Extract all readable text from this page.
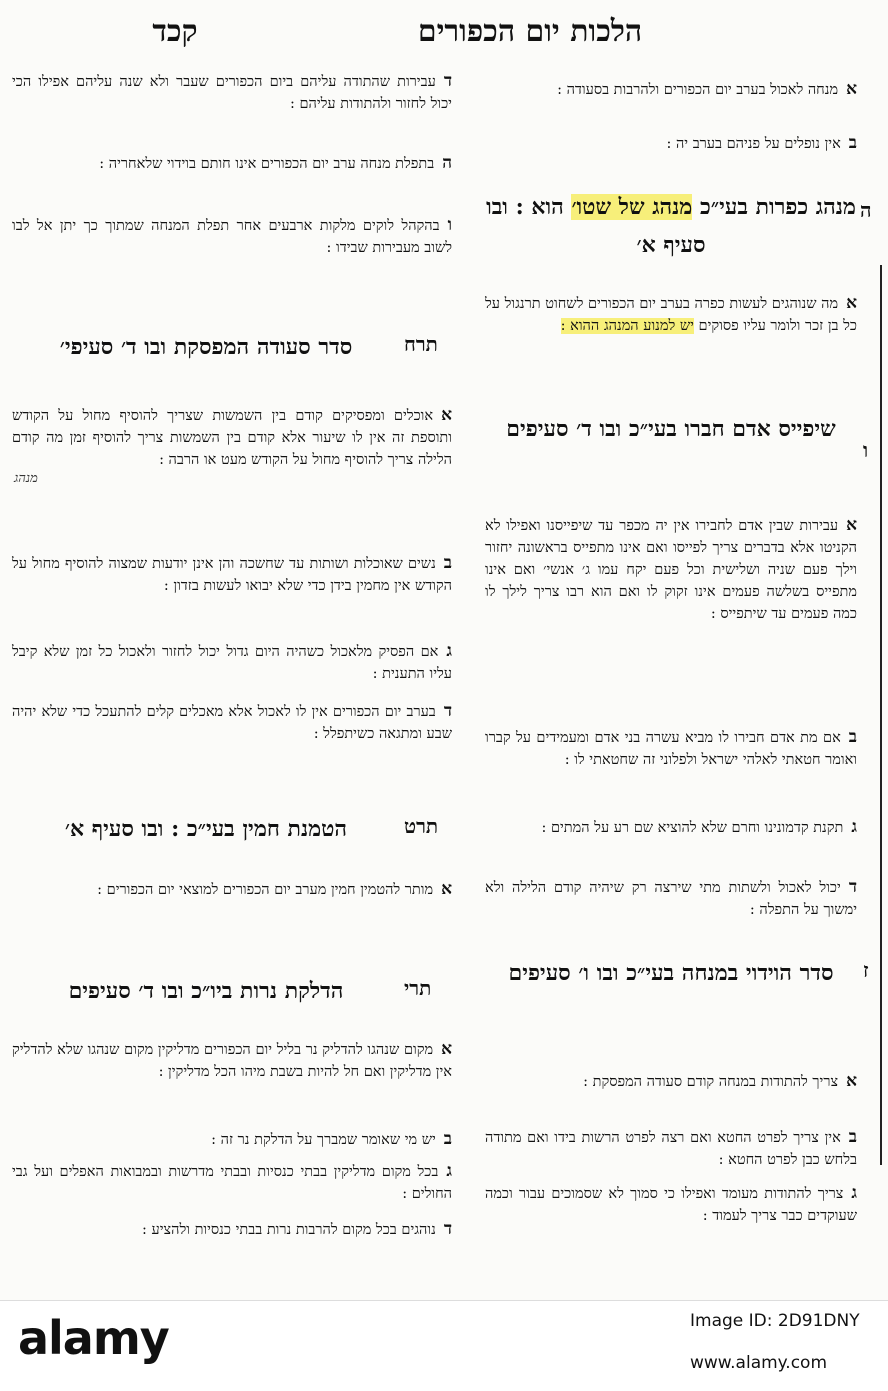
הלכות יום הכפורים
קכד
אמנחה לאכול בערב יום הכפורים ולהרבות בסעודה :
באין נופלים על פניהם בערב יה :
ה
מנהג כפרות בעי״כ מנהג של שטו׳ הוא : ובו סעיף א׳
אמה שנוהגים לעשות כפרה בערב יום הכפורים לשחוט תרנגול על כל בן זכר ולומר עליו פסוקים יש למנוע המנהג ההוא :
ו
שיפייס אדם חברו בעי״כ ובו ד׳ סעיפים
אעבירות שבין אדם לחבירו אין יה מכפר עד שיפייסנו ואפילו לא הקניטו אלא בדברים צריך לפייסו ואם אינו מתפייס בראשונה יחזור וילך פעם שניה ושלישית וכל פעם יקח עמו ג׳ אנשי׳ ואם אינו מתפייס בשלשה פעמים אינו זקוק לו ואם הוא רבו צריך לילך לו כמה פעמים עד שיתפייס :
באם מת אדם חבירו לו מביא עשרה בני אדם ומעמידים על קברו ואומר חטאתי לאלהי ישראל ולפלוני זה שחטאתי לו :
גתקנת קדמונינו וחרם שלא להוציא שם רע על המתים :
דיכול לאכול ולשתות מתי שירצה רק שיהיה קודם הלילה ולא ימשוך על התפלה :
ז
סדר הוידוי במנחה בעי״כ ובו ו׳ סעיפים
אצריך להתודות במנחה קודם סעודה המפסקת :
באין צריך לפרט החטא ואם רצה לפרט הרשות בידו ואם מתודה בלחש כבן לפרט החטא :
גצריך להתודות מעומד ואפילו כי סמוך לא שסמוכים עבור וכמה שעוקדים כבר צריך לעמוד :
דעבירות שהתודה עליהם ביום הכפורים שעבר ולא שנה עליהם אפילו הכי יכול לחזור ולהתודות עליהם :
הבתפלת מנחה ערב יום הכפורים אינו חותם בוידוי שלאחריה :
ובהקהל לוקים מלקות ארבעים אחר תפלת המנחה שמתוך כך יתן אל לבו לשוב מעבירות שבידו :
תרח
סדר סעודה המפסקת ובו ד׳ סעיפי׳
אאוכלים ומפסיקים קודם בין השמשות שצריך להוסיף מחול על הקודש ותוספת זה אין לו שיעור אלא קודם בין השמשות צריך להוסיף זמן מה קודם הלילה צריך להוסיף מחול על הקודש מעט או הרבה :
בנשים שאוכלות ושותות עד שחשכה והן אינן יודעות שמצוה להוסיף מחול על הקודש אין מחמין בידן כדי שלא יבואו לעשות בזדון :
גאם הפסיק מלאכול כשהיה היום גדול יכול לחזור ולאכול כל זמן שלא קיבל עליו התענית :
דבערב יום הכפורים אין לו לאכול אלא מאכלים קלים להתעכל כדי שלא יהיה שבע ומתגאה כשיתפלל :
תרט
הטמנת חמין בעי״כ : ובו סעיף א׳
אמותר להטמין חמין מערב יום הכפורים למוצאי יום הכפורים :
תרי
הדלקת נרות ביו״כ ובו ד׳ סעיפים
אמקום שנהגו להדליק נר בליל יום הכפורים מדליקין מקום שנהגו שלא להדליק אין מדליקין ואם חל להיות בשבת מיהו הכל מדליקין :
ביש מי שאומר שמברך על הדלקת נר זה :
גבכל מקום מדליקין בבתי כנסיות ובבתי מדרשות ובמבואות האפלים ועל גבי החולים :
דנוהגים בכל מקום להרבות נרות בבתי כנסיות ולהציע :
מנהג
alamy	Image ID: 2D91DNY
www.alamy.com
